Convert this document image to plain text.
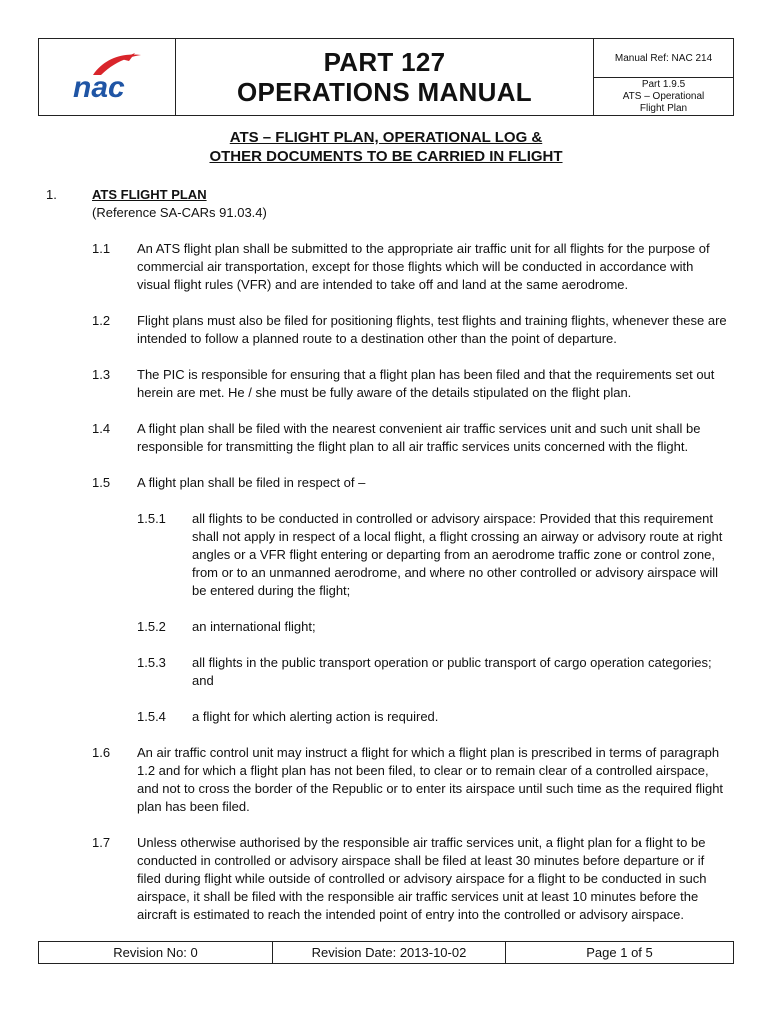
nac
PART 127
OPERATIONS MANUAL
Manual Ref: NAC 214
Part 1.9.5
ATS – Operational
Flight Plan
ATS – FLIGHT PLAN, OPERATIONAL LOG &
OTHER DOCUMENTS TO BE CARRIED IN FLIGHT
1.	ATS FLIGHT PLAN
(Reference SA-CARs 91.03.4)
1.1 An ATS flight plan shall be submitted to the appropriate air traffic unit for all flights for the purpose of
commercial air transportation, except for those flights which will be conducted in accordance with
visual flight rules (VFR) and are intended to take off and land at the same aerodrome.
1.2 Flight plans must also be filed for positioning flights, test flights and training flights, whenever these are
intended to follow a planned route to a destination other than the point of departure.
1.3 The PIC is responsible for ensuring that a flight plan has been filed and that the requirements set out
herein are met. He / she must be fully aware of the details stipulated on the flight plan.
1.4 A flight plan shall be filed with the nearest convenient air traffic services unit and such unit shall be
responsible for transmitting the flight plan to all air traffic services units concerned with the flight.
1.5 A flight plan shall be filed in respect of –
1.5.1 all flights to be conducted in controlled or advisory airspace: Provided that this requirement
shall not apply in respect of a local flight, a flight crossing an airway or advisory route at right
angles or a VFR flight entering or departing from an aerodrome traffic zone or control zone,
from or to an unmanned aerodrome, and where no other controlled or advisory airspace will
be entered during the flight;
1.5.2 an international flight;
1.5.3 all flights in the public transport operation or public transport of cargo operation categories;
and
1.5.4 a flight for which alerting action is required.
1.6 An air traffic control unit may instruct a flight for which a flight plan is prescribed in terms of paragraph
1.2 and for which a flight plan has not been filed, to clear or to remain clear of a controlled airspace,
and not to cross the border of the Republic or to enter its airspace until such time as the required flight
plan has been filed.
1.7 Unless otherwise authorised by the responsible air traffic services unit, a flight plan for a flight to be
conducted in controlled or advisory airspace shall be filed at least 30 minutes before departure or if
filed during flight while outside of controlled or advisory airspace for a flight to be conducted in such
airspace, it shall be filed with the responsible air traffic services unit at least 10 minutes before the
aircraft is estimated to reach the intended point of entry into the controlled or advisory airspace.
Revision No: 0	Revision Date: 2013-10-02	Page 1 of 5
